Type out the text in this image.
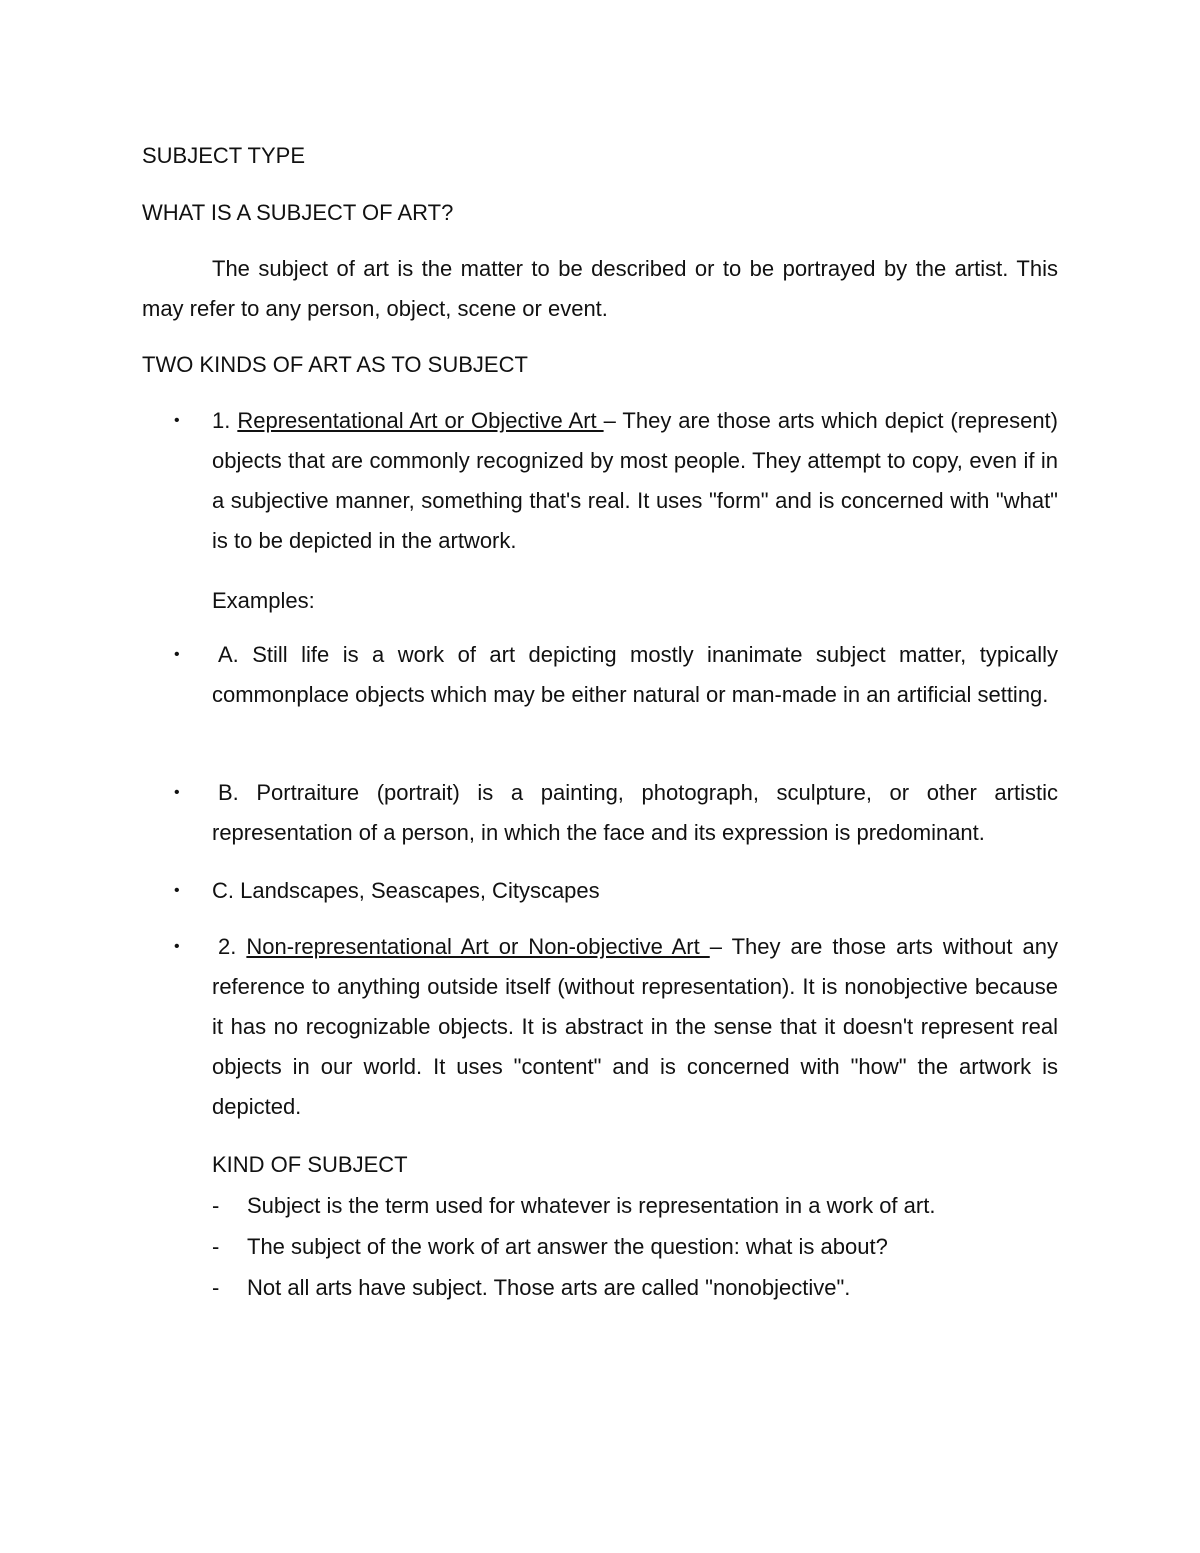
SUBJECT TYPE
WHAT IS A SUBJECT OF ART?
The subject of art is the matter to be described or to be portrayed by the artist. This may refer to any person, object, scene or event.
TWO KINDS OF ART AS TO SUBJECT
• 1. Representational Art or Objective Art – They are those arts which depict (represent) objects that are commonly recognized by most people. They attempt to copy, even if in a subjective manner, something that's real. It uses "form" and is concerned with "what" is to be depicted in the artwork.
Examples:
• A. Still life is a work of art depicting mostly inanimate subject matter, typically commonplace objects which may be either natural or man-made in an artificial setting.
• B. Portraiture (portrait) is a painting, photograph, sculpture, or other artistic representation of a person, in which the face and its expression is predominant.
• C. Landscapes, Seascapes, Cityscapes
• 2. Non-representational Art or Non-objective Art – They are those arts without any reference to anything outside itself (without representation). It is nonobjective because it has no recognizable objects. It is abstract in the sense that it doesn't represent real objects in our world. It uses "content" and is concerned with "how" the artwork is depicted.
KIND OF SUBJECT
- Subject is the term used for whatever is representation in a work of art.
- The subject of the work of art answer the question: what is about?
- Not all arts have subject. Those arts are called "nonobjective".
